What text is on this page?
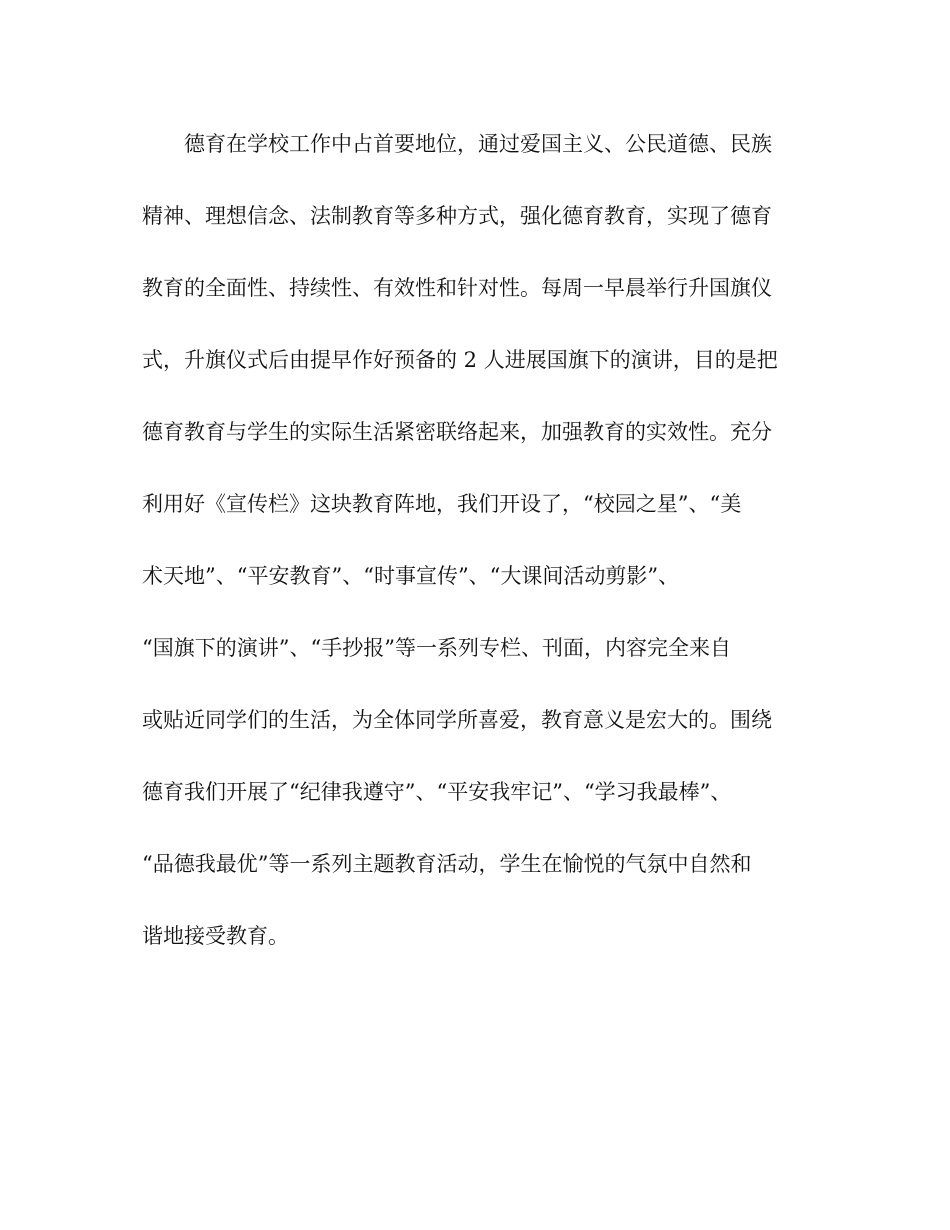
　　德育在学校工作中占首要地位，通过爱国主义、公民道德、民族
精神、理想信念、法制教育等多种方式，强化德育教育，实现了德育
教育的全面性、持续性、有效性和针对性。每周一早晨举行升国旗仪
式，升旗仪式后由提早作好预备的 2 人进展国旗下的演讲，目的是把
德育教育与学生的实际生活紧密联络起来，加强教育的实效性。充分
利用好《宣传栏》这块教育阵地，我们开设了，“校园之星”、“美
术天地”、“平安教育”、“时事宣传”、“大课间活动剪影”、
“国旗下的演讲”、“手抄报”等一系列专栏、刊面，内容完全来自
或贴近同学们的生活，为全体同学所喜爱，教育意义是宏大的。围绕
德育我们开展了“纪律我遵守”、“平安我牢记”、“学习我最棒”、
“品德我最优”等一系列主题教育活动，学生在愉悦的气氛中自然和
谐地接受教育。
